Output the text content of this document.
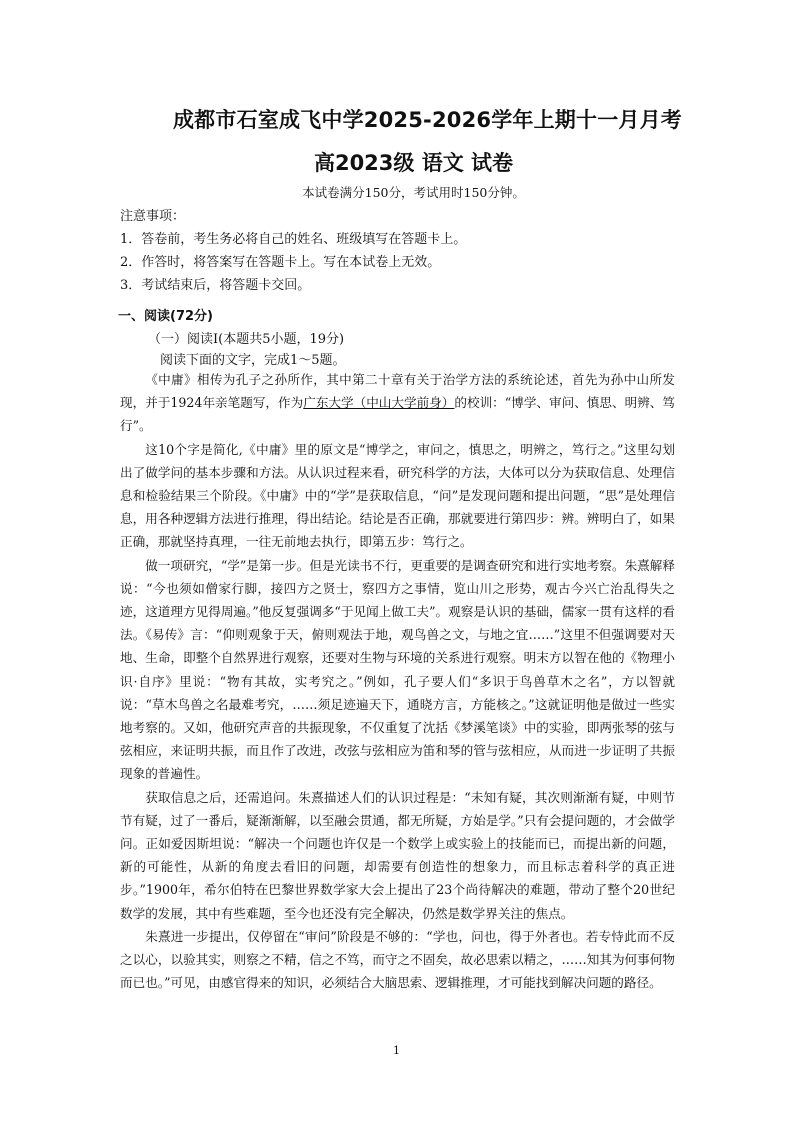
成都市石室成飞中学2025-2026学年上期十一月月考
高2023级 语文 试卷
本试卷满分150分，考试用时150分钟。
注意事项：
1．答卷前，考生务必将自己的姓名、班级填写在答题卡上。
2．作答时，将答案写在答题卡上。写在本试卷上无效。
3．考试结束后，将答题卡交回。
一、阅读(72分)
（一）阅读Ⅰ(本题共5小题，19分)
阅读下面的文字，完成1～5题。

《中庸》相传为孔子之孙所作，其中第二十章有关于治学方法的系统论述，首先为孙中山所发现，并于1924年亲笔题写，作为广东大学（中山大学前身）的校训：“博学、审问、慎思、明辨、笃行”。

这10个字是简化,《中庸》里的原文是“博学之，审问之，慎思之，明辨之，笃行之。”这里勾划出了做学问的基本步骤和方法。从认识过程来看，研究科学的方法，大体可以分为获取信息、处理信息和检验结果三个阶段。《中庸》中的“学”是获取信息，“问”是发现问题和提出问题，“思”是处理信息，用各种逻辑方法进行推理，得出结论。结论是否正确，那就要进行第四步：辨。辨明白了，如果正确，那就坚持真理，一往无前地去执行，即第五步：笃行之。

做一项研究，“学”是第一步。但是光读书不行，更重要的是调查研究和进行实地考察。朱熹解释说：“今也须如僧家行脚，接四方之贤士，察四方之事情，览山川之形势，观古今兴亡治乱得失之迹，这道理方见得周遍。”他反复强调多“于见闻上做工夫”。观察是认识的基础，儒家一贯有这样的看法。《易传》言：“仰则观象于天，俯则观法于地，观鸟兽之文，与地之宜……”这里不但强调要对天地、生命，即整个自然界进行观察，还要对生物与环境的关系进行观察。明末方以智在他的《物理小识·自序》里说：“物有其故，实考究之。”例如，孔子要人们“多识于鸟兽草木之名”，方以智就说：“草木鸟兽之名最难考究，……须足迹遍天下，通晓方言，方能核之。”这就证明他是做过一些实地考察的。又如，他研究声音的共振现象，不仅重复了沈括《梦溪笔谈》中的实验，即两张琴的弦与弦相应，来证明共振，而且作了改进，改弦与弦相应为笛和琴的管与弦相应，从而进一步证明了共振现象的普遍性。

获取信息之后，还需追问。朱熹描述人们的认识过程是：“未知有疑，其次则渐渐有疑，中则节节有疑，过了一番后，疑渐渐解，以至融会贯通，都无所疑，方始是学。”只有会提问题的，才会做学问。正如爱因斯坦说：“解决一个问题也许仅是一个数学上或实验上的技能而已，而提出新的问题，新的可能性，从新的角度去看旧的问题，却需要有创造性的想象力，而且标志着科学的真正进步。”1900年，希尔伯特在巴黎世界数学家大会上提出了23个尚待解决的难题，带动了整个20世纪数学的发展，其中有些难题，至今也还没有完全解决，仍然是数学界关注的焦点。

朱熹进一步提出，仅停留在“审问”阶段是不够的：“学也，问也，得于外者也。若专恃此而不反之以心，以验其实，则察之不精，信之不笃，而守之不固矣，故必思索以精之，……知其为何事何物而已也。”可见，由感官得来的知识，必须结合大脑思索、逻辑推理，才可能找到解决问题的路径。

1
